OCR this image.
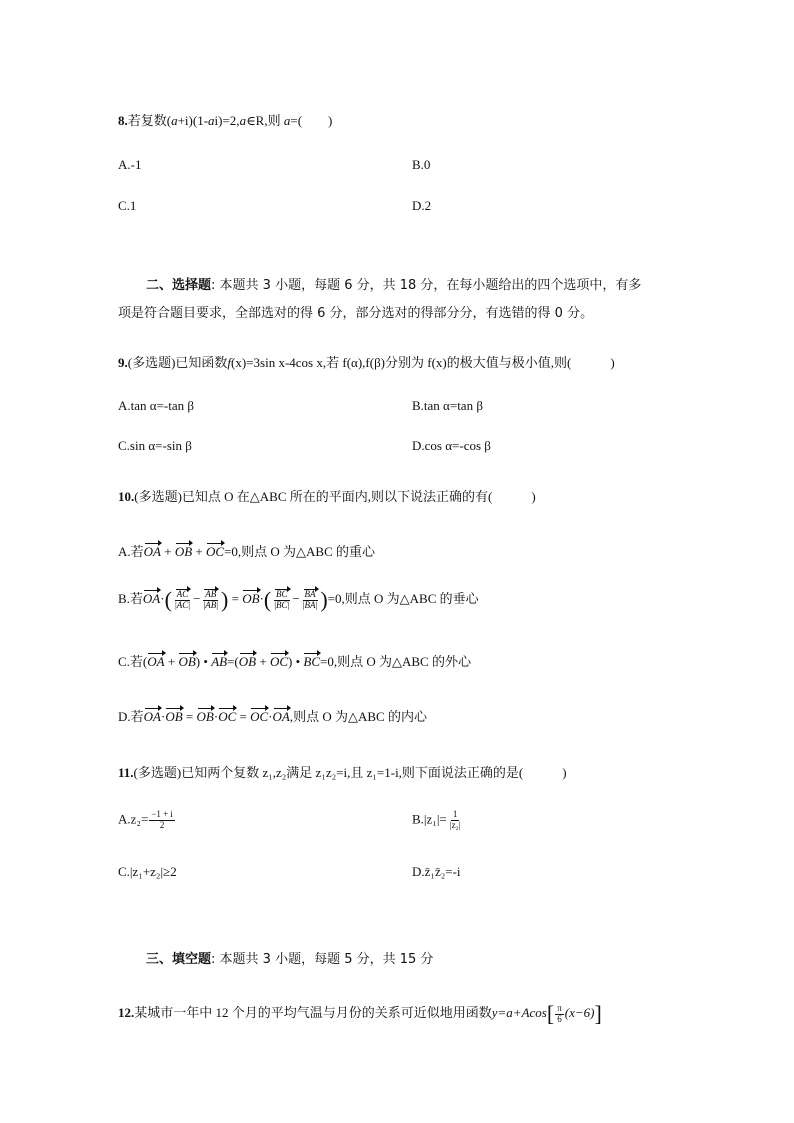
8.若复数(a+i)(1-ai)=2,a∈R,则 a=(　　)
A.-1	B.0
C.1	D.2
二、选择题: 本题共 3 小题，每题 6 分，共 18 分，在每小题给出的四个选项中，有多
项是符合题目要求，全部选对的得 6 分，部分选对的得部分分，有选错的得 0 分。
9.(多选题)已知函数f(x)=3sin x-4cos x,若 f(α),f(β)分别为 f(x)的极大值与极小值,则(　　　)
A.tan α=-tan β	B.tan α=tan β
C.sin α=-sin β	D.cos α=-cos β
10.(多选题)已知点 O 在△ABC 所在的平面内,则以下说法正确的有(　　　)
A.若OA + OB + OC=0,则点 O 为△ABC 的重心
B.若$OA\cdot( \frac{AC}{|AC|} - \frac{AB}{|AB|}$ ) = $OB\cdot( \frac{BC}{|BC|} - \frac{BA}{|BA|} )=0$,则点 O 为△ABC 的垂心
C.若(OA + OB) • AB=(OB + OC) • BC=0,则点 O 为△ABC 的外心
D.若OA·OB = OB·OC = OC·OA,则点 O 为△ABC 的内心
11.(多选题)已知两个复数 z₁,z₂满足 z₁z₂=i,且 z₁=1-i,则下面说法正确的是(　　　)
$A.z_2= \frac{-1 + i}{2}$	$B.|z_1|= \frac{1}{\text{|z₂|}}$
C.|z₁+z₂|≥2	D.z̄₁z̄₂=-i
三、填空题: 本题共 3 小题，每题 5 分，共 15 分
12.某城市一年中 12 个月的平均气温与月份的关系可近似地用函数$y=a+Acos[ \frac{\pi}{6} (x-6)]$
